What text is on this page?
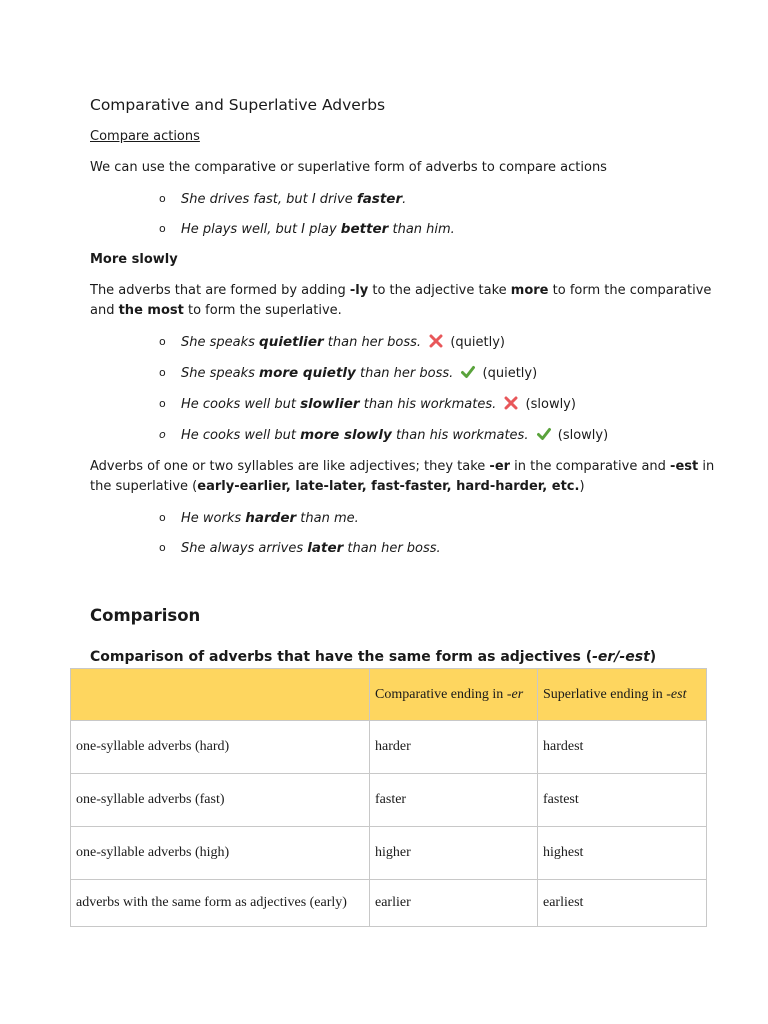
Comparative and Superlative Adverbs
Compare actions
We can use the comparative or superlative form of adverbs to compare actions
o She drives fast, but I drive faster.
o He plays well, but I play better than him.
More slowly
The adverbs that are formed by adding -ly to the adjective take more to form the comparative
and the most to form the superlative.
o She speaks quietlier than her boss. (quietly)
o She speaks more quietly than her boss. (quietly)
o He cooks well but slowlier than his workmates. (slowly)
o He cooks well but more slowly than his workmates. (slowly)
Adverbs of one or two syllables are like adjectives; they take -er in the comparative and -est in
the superlative (early-earlier, late-later, fast-faster, hard-harder, etc.)
o He works harder than me.
o She always arrives later than her boss.
Comparison
Comparison of adverbs that have the same form as adjectives (-er/-est)
	Comparative ending in -er	Superlative ending in -est
one-syllable adverbs (hard)	harder	hardest
one-syllable adverbs (fast)	faster	fastest
one-syllable adverbs (high)	higher	highest
adverbs with the same form as adjectives (early)	earlier	earliest
